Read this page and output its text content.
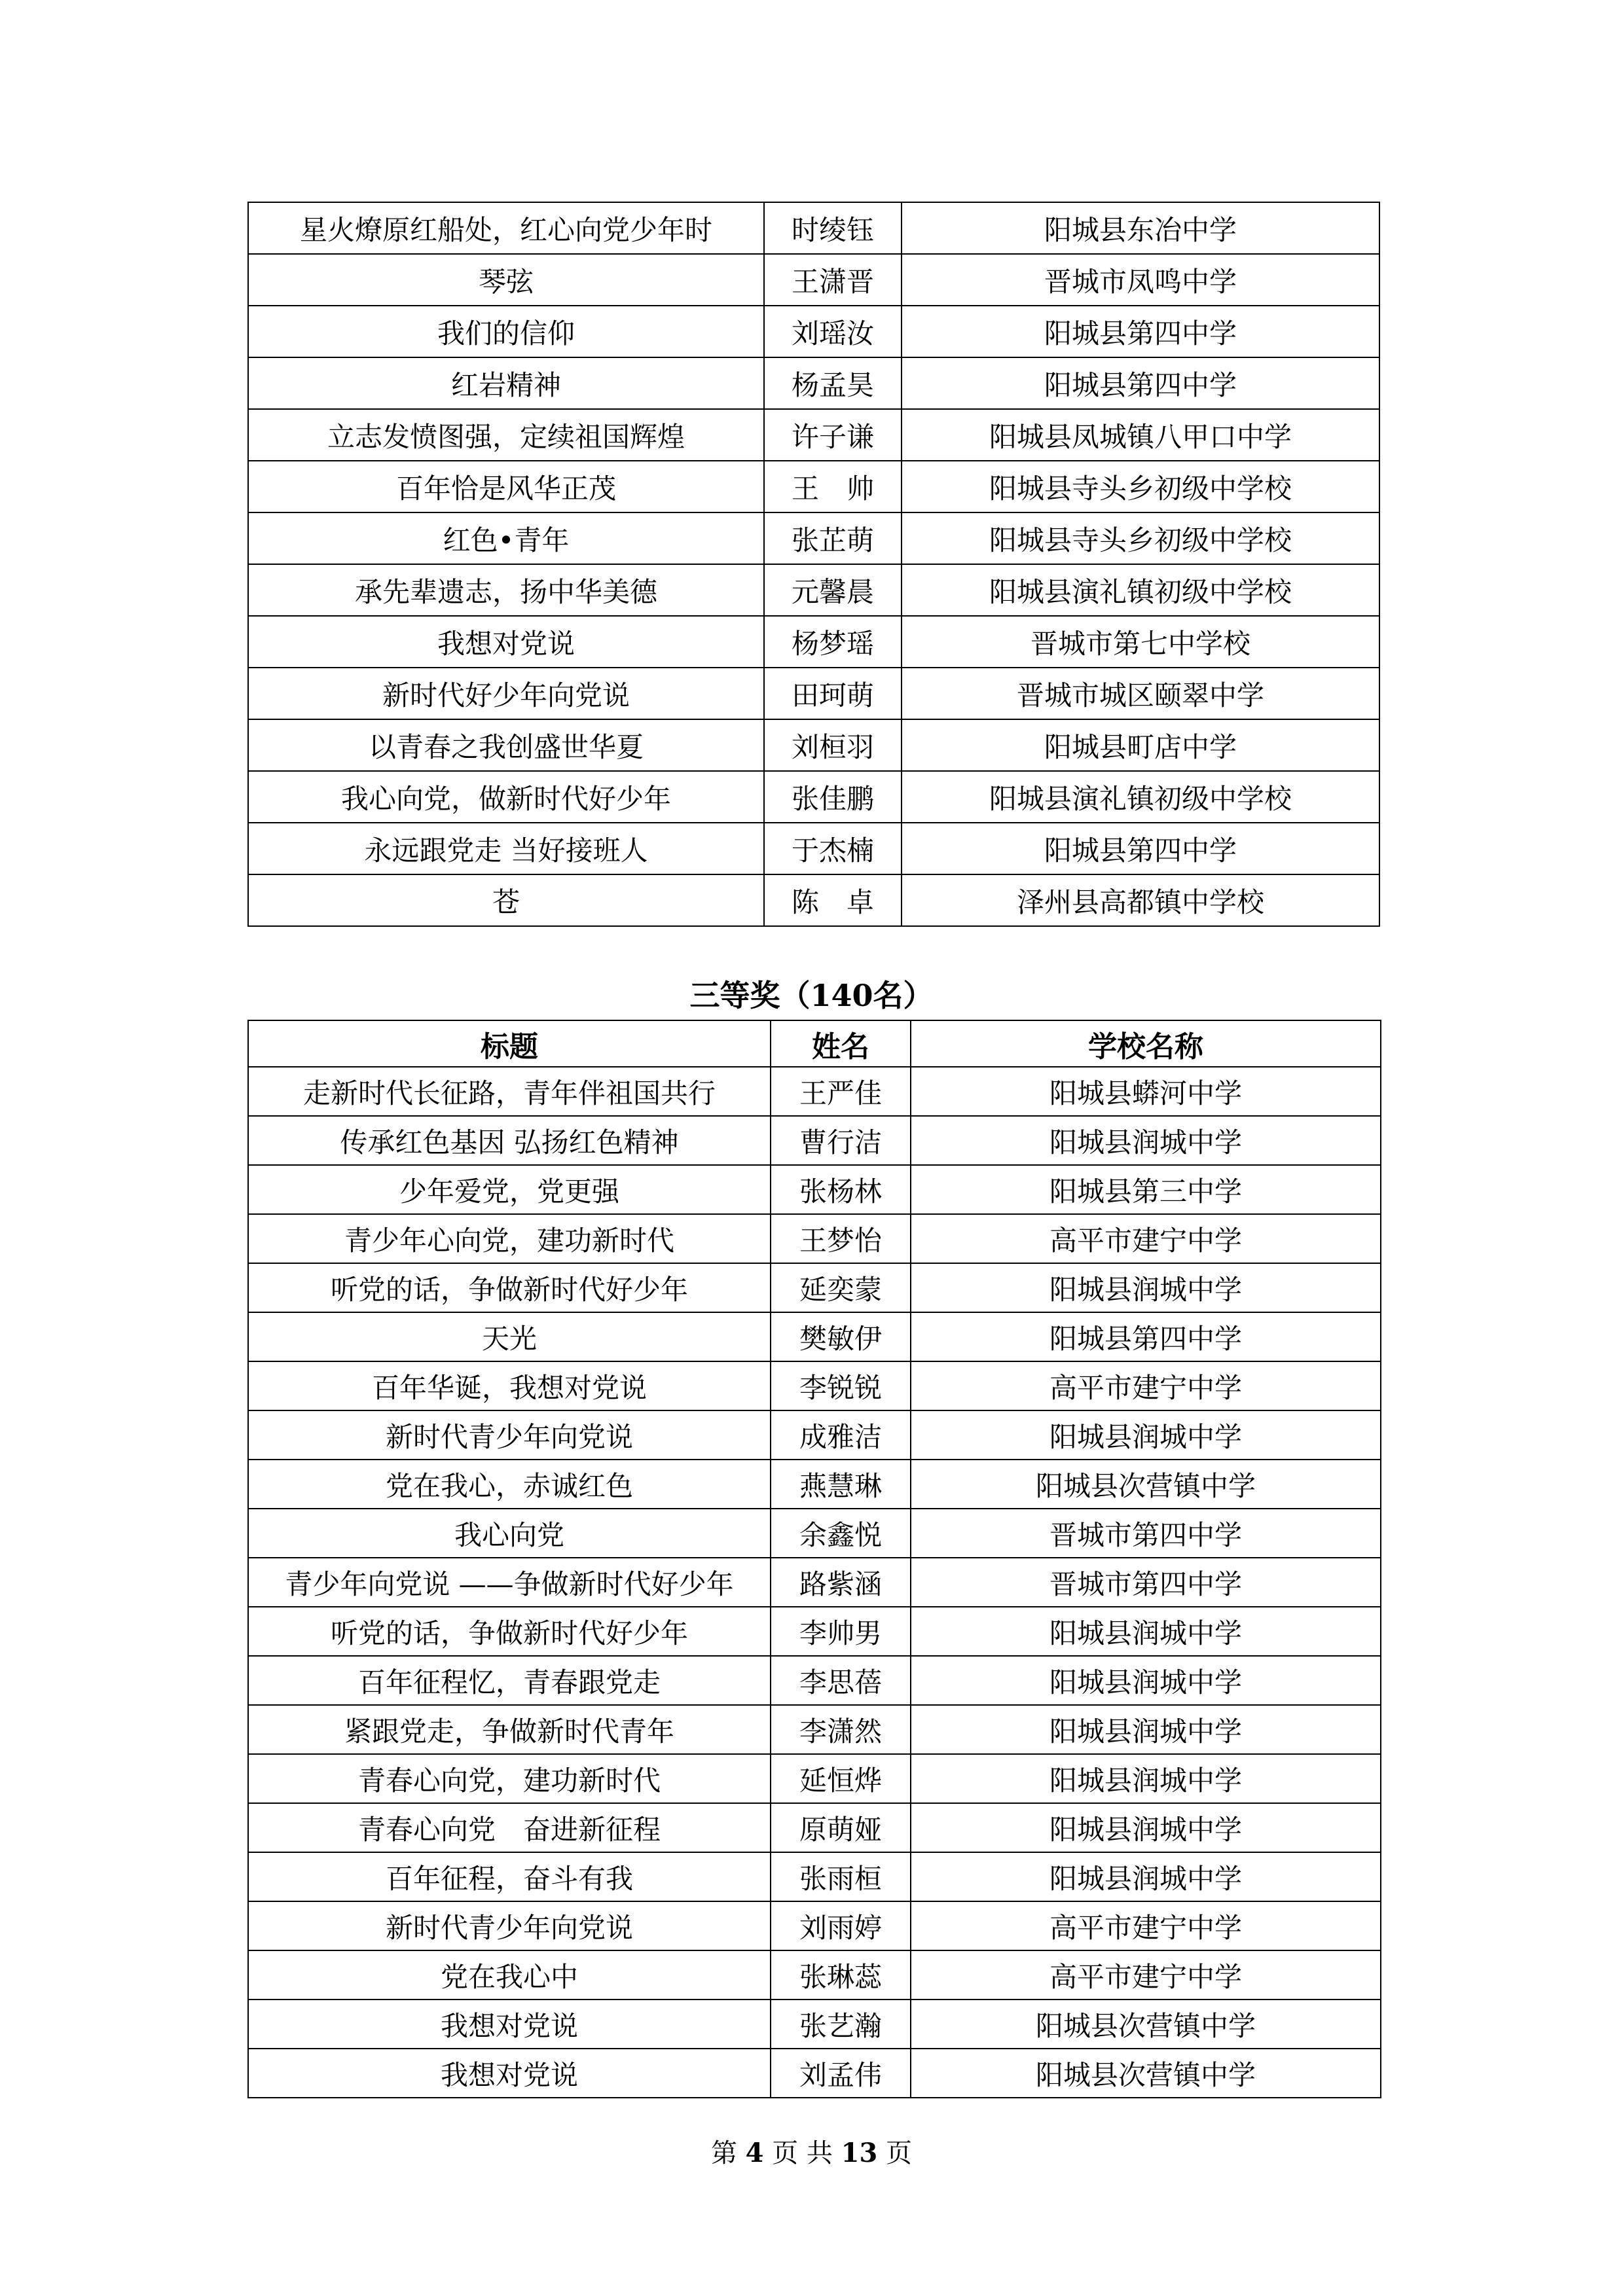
星火燎原红船处，红心向党少年时	时绫钰	阳城县东冶中学
琴弦	王潇晋	晋城市凤鸣中学
我们的信仰	刘瑶汝	阳城县第四中学
红岩精神	杨孟昊	阳城县第四中学
立志发愤图强，定续祖国辉煌	许子谦	阳城县凤城镇八甲口中学
百年恰是风华正茂	王　帅	阳城县寺头乡初级中学校
红色•青年	张芷萌	阳城县寺头乡初级中学校
承先辈遗志，扬中华美德	元馨晨	阳城县演礼镇初级中学校
我想对党说	杨梦瑶	晋城市第七中学校
新时代好少年向党说	田珂萌	晋城市城区颐翠中学
以青春之我创盛世华夏	刘桓羽	阳城县町店中学
我心向党，做新时代好少年	张佳鹏	阳城县演礼镇初级中学校
永远跟党走 当好接班人	于杰楠	阳城县第四中学
苍	陈　卓	泽州县高都镇中学校
三等奖（140名）
标题	姓名	学校名称
走新时代长征路，青年伴祖国共行	王严佳	阳城县蟒河中学
传承红色基因 弘扬红色精神	曹行洁	阳城县润城中学
少年爱党，党更强	张杨林	阳城县第三中学
青少年心向党，建功新时代	王梦怡	高平市建宁中学
听党的话，争做新时代好少年	延奕蒙	阳城县润城中学
天光	樊敏伊	阳城县第四中学
百年华诞，我想对党说	李锐锐	高平市建宁中学
新时代青少年向党说	成雅洁	阳城县润城中学
党在我心，赤诚红色	燕慧琳	阳城县次营镇中学
我心向党	余鑫悦	晋城市第四中学
青少年向党说 ——争做新时代好少年	路紫涵	晋城市第四中学
听党的话，争做新时代好少年	李帅男	阳城县润城中学
百年征程忆，青春跟党走	李思蓓	阳城县润城中学
紧跟党走，争做新时代青年	李潇然	阳城县润城中学
青春心向党，建功新时代	延恒烨	阳城县润城中学
青春心向党　奋进新征程	原萌娅	阳城县润城中学
百年征程，奋斗有我	张雨桓	阳城县润城中学
新时代青少年向党说	刘雨婷	高平市建宁中学
党在我心中	张琳蕊	高平市建宁中学
我想对党说	张艺瀚	阳城县次营镇中学
我想对党说	刘孟伟	阳城县次营镇中学
第 4 页 共 13 页
